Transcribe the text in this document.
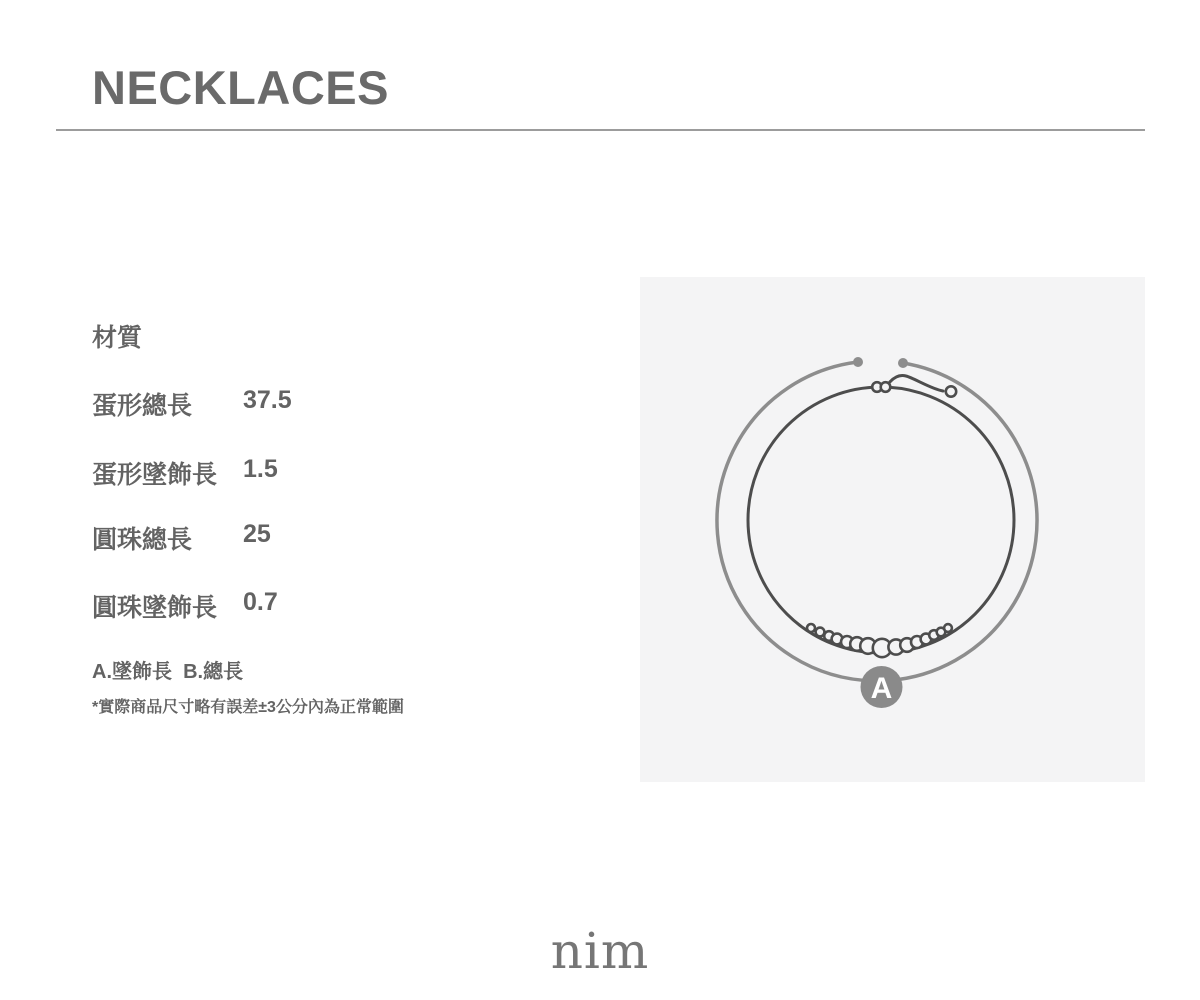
NECKLACES
材質
蛋形總長	37.5
蛋形墜飾長	1.5
圓珠總長	25
圓珠墜飾長	0.7
A.墜飾長  B.總長
*實際商品尺寸略有誤差±3公分內為正常範圍
A
nim
